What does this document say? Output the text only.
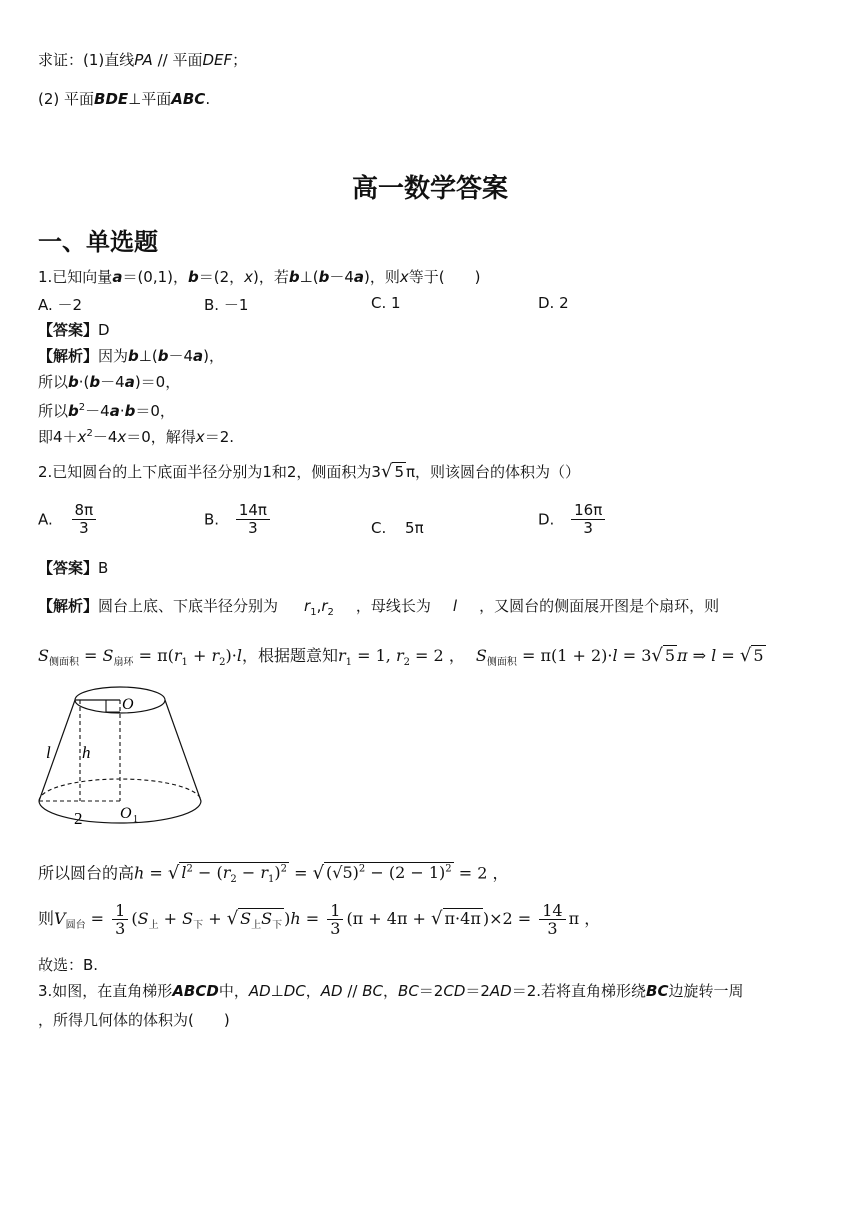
求证：(1)直线PA // 平面DEF；
(2) 平面BDE⊥平面ABC.
高一数学答案
一、单选题
1.已知向量a＝(0,1)，b＝(2，x)，若b⊥(b－4a)，则x等于(　　)
A. －2	B. －1	C. 1	D. 2
【答案】D
【解析】因为b⊥(b－4a)，
所以b·(b－4a)＝0，
所以$b^2-4a\cdot b=0$，
即$4+x^2-4x=0$，解得x＝2.
2.已知圆台的上下底面半径分别为1和2，侧面积为3√ 5 π，则该圆台的体积为（）
A. $\frac{8\pi}{3}$	B. $\frac{14\pi}{3}$	C. 5π	D. $\frac{16\pi}{3}$
【答案】B
【解析】圆台上底、下底半径分别为 $r_1,r_2$ ，母线长为 l ，又圆台的侧面展开图是个扇环，则
$S_{侧面积} = S_{扇环} = \pi(r_1 + r_2)\cdot l$，根据题意知$r_1 = 1$, $r_2 = 2$ ， $S_{侧面积} = \pi(1 + 2)\cdot l = 3√$ 5 π ⇒ l = √ 5
O
l h
2 O 1
所以圆台的高h = √ $l^2 - (r_2 - r_1)^2$ = √ $(√5)^2 - (2 - 1)^2 = 2$ ，
则$V_{圆台} = \frac{1}{3} (S_上 + S_下$ + √ $S_上S_下$ )$h = \frac{1}{3} (\pi + 4\pi$ + √ π·4π )$\times 2 = \frac{14}{3}$ π ，
故选：B.
3.如图，在直角梯形ABCD中，AD⊥DC，AD // BC，BC＝2CD＝2AD＝2.若将直角梯形绕BC边旋转一周
，所得几何体的体积为(　　)
